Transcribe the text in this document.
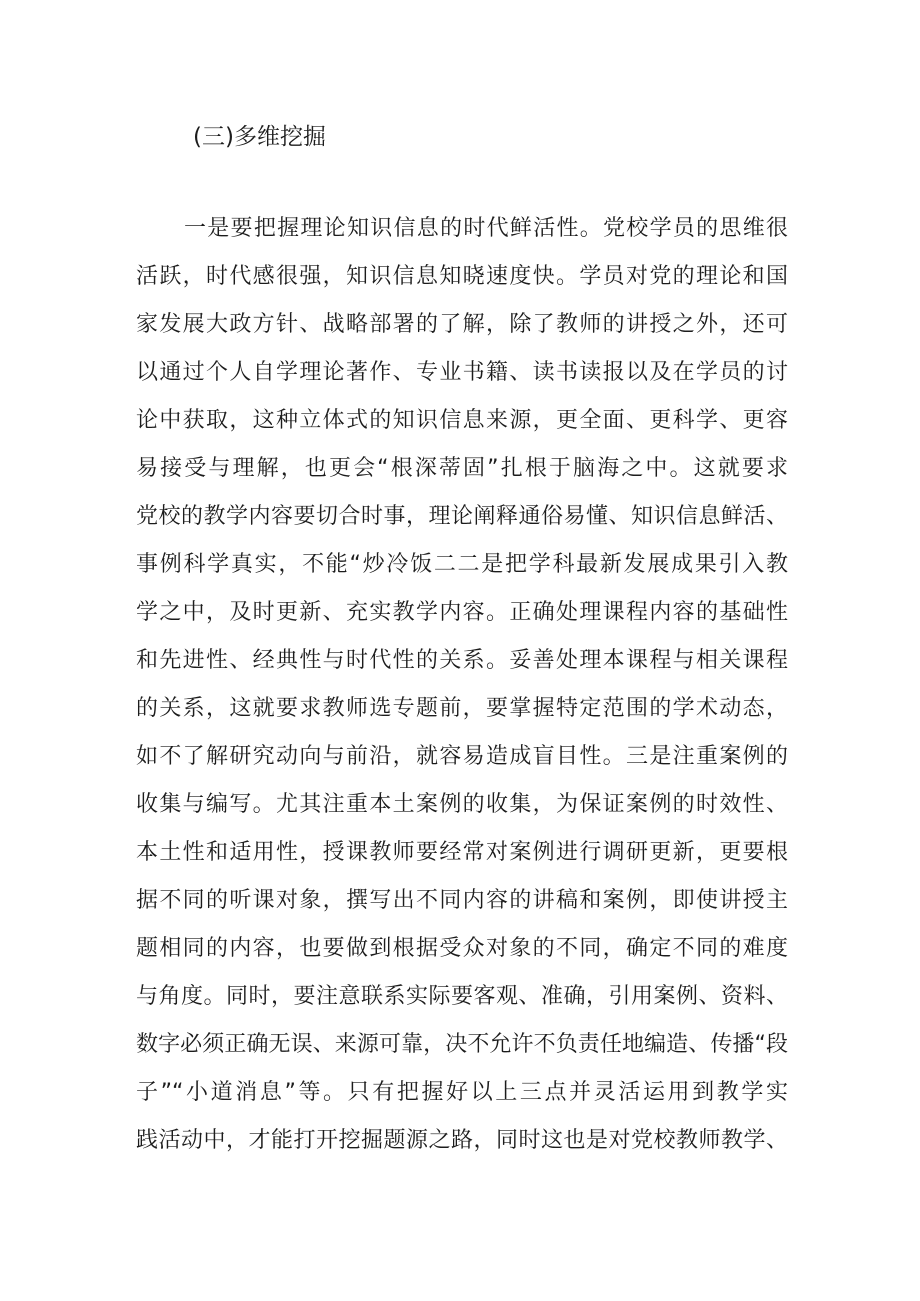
(三)多维挖掘
一是要把握理论知识信息的时代鲜活性。党校学员的思维很
活跃，时代感很强，知识信息知晓速度快。学员对党的理论和国
家发展大政方针、战略部署的了解，除了教师的讲授之外，还可
以通过个人自学理论著作、专业书籍、读书读报以及在学员的讨
论中获取，这种立体式的知识信息来源，更全面、更科学、更容
易接受与理解，也更会“根深蒂固”扎根于脑海之中。这就要求
党校的教学内容要切合时事，理论阐释通俗易懂、知识信息鲜活、
事例科学真实，不能“炒冷饭二二是把学科最新发展成果引入教
学之中，及时更新、充实教学内容。正确处理课程内容的基础性
和先进性、经典性与时代性的关系。妥善处理本课程与相关课程
的关系，这就要求教师选专题前，要掌握特定范围的学术动态，
如不了解研究动向与前沿，就容易造成盲目性。三是注重案例的
收集与编写。尤其注重本土案例的收集，为保证案例的时效性、
本土性和适用性，授课教师要经常对案例进行调研更新，更要根
据不同的听课对象，撰写出不同内容的讲稿和案例，即使讲授主
题相同的内容，也要做到根据受众对象的不同，确定不同的难度
与角度。同时，要注意联系实际要客观、准确，引用案例、资料、
数字必须正确无误、来源可靠，决不允许不负责任地编造、传播“段
子”“小道消息”等。只有把握好以上三点并灵活运用到教学实
践活动中，才能打开挖掘题源之路，同时这也是对党校教师教学、
